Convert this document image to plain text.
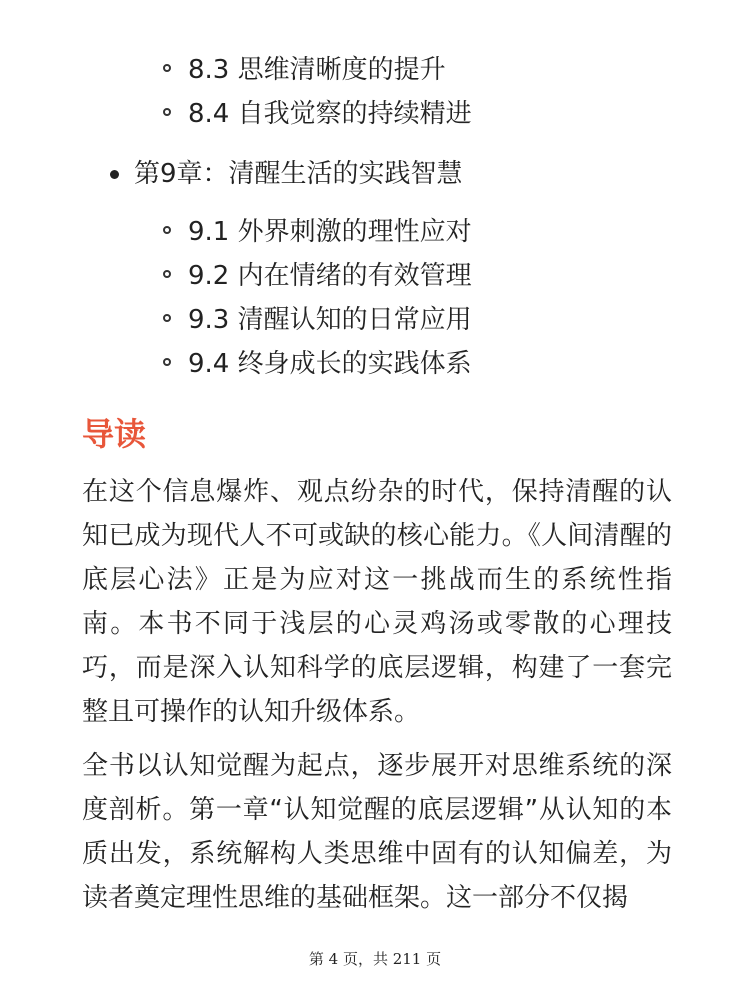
8.3 思维清晰度的提升
8.4 自我觉察的持续精进
第9章：清醒生活的实践智慧
9.1 外界刺激的理性应对
9.2 内在情绪的有效管理
9.3 清醒认知的日常应用
9.4 终身成长的实践体系
导读

在这个信息爆炸、观点纷杂的时代，保持清醒的认知已成为现代人不可或缺的核心能力。《人间清醒的底层心法》正是为应对这一挑战而生的系统性指南。本书不同于浅层的心灵鸡汤或零散的心理技巧，而是深入认知科学的底层逻辑，构建了一套完整且可操作的认知升级体系。

全书以认知觉醒为起点，逐步展开对思维系统的深度剖析。第一章“认知觉醒的底层逻辑”从认知的本质出发，系统解构人类思维中固有的认知偏差，为读者奠定理性思维的基础框架。这一部分不仅揭

第 4 页，共 211 页
